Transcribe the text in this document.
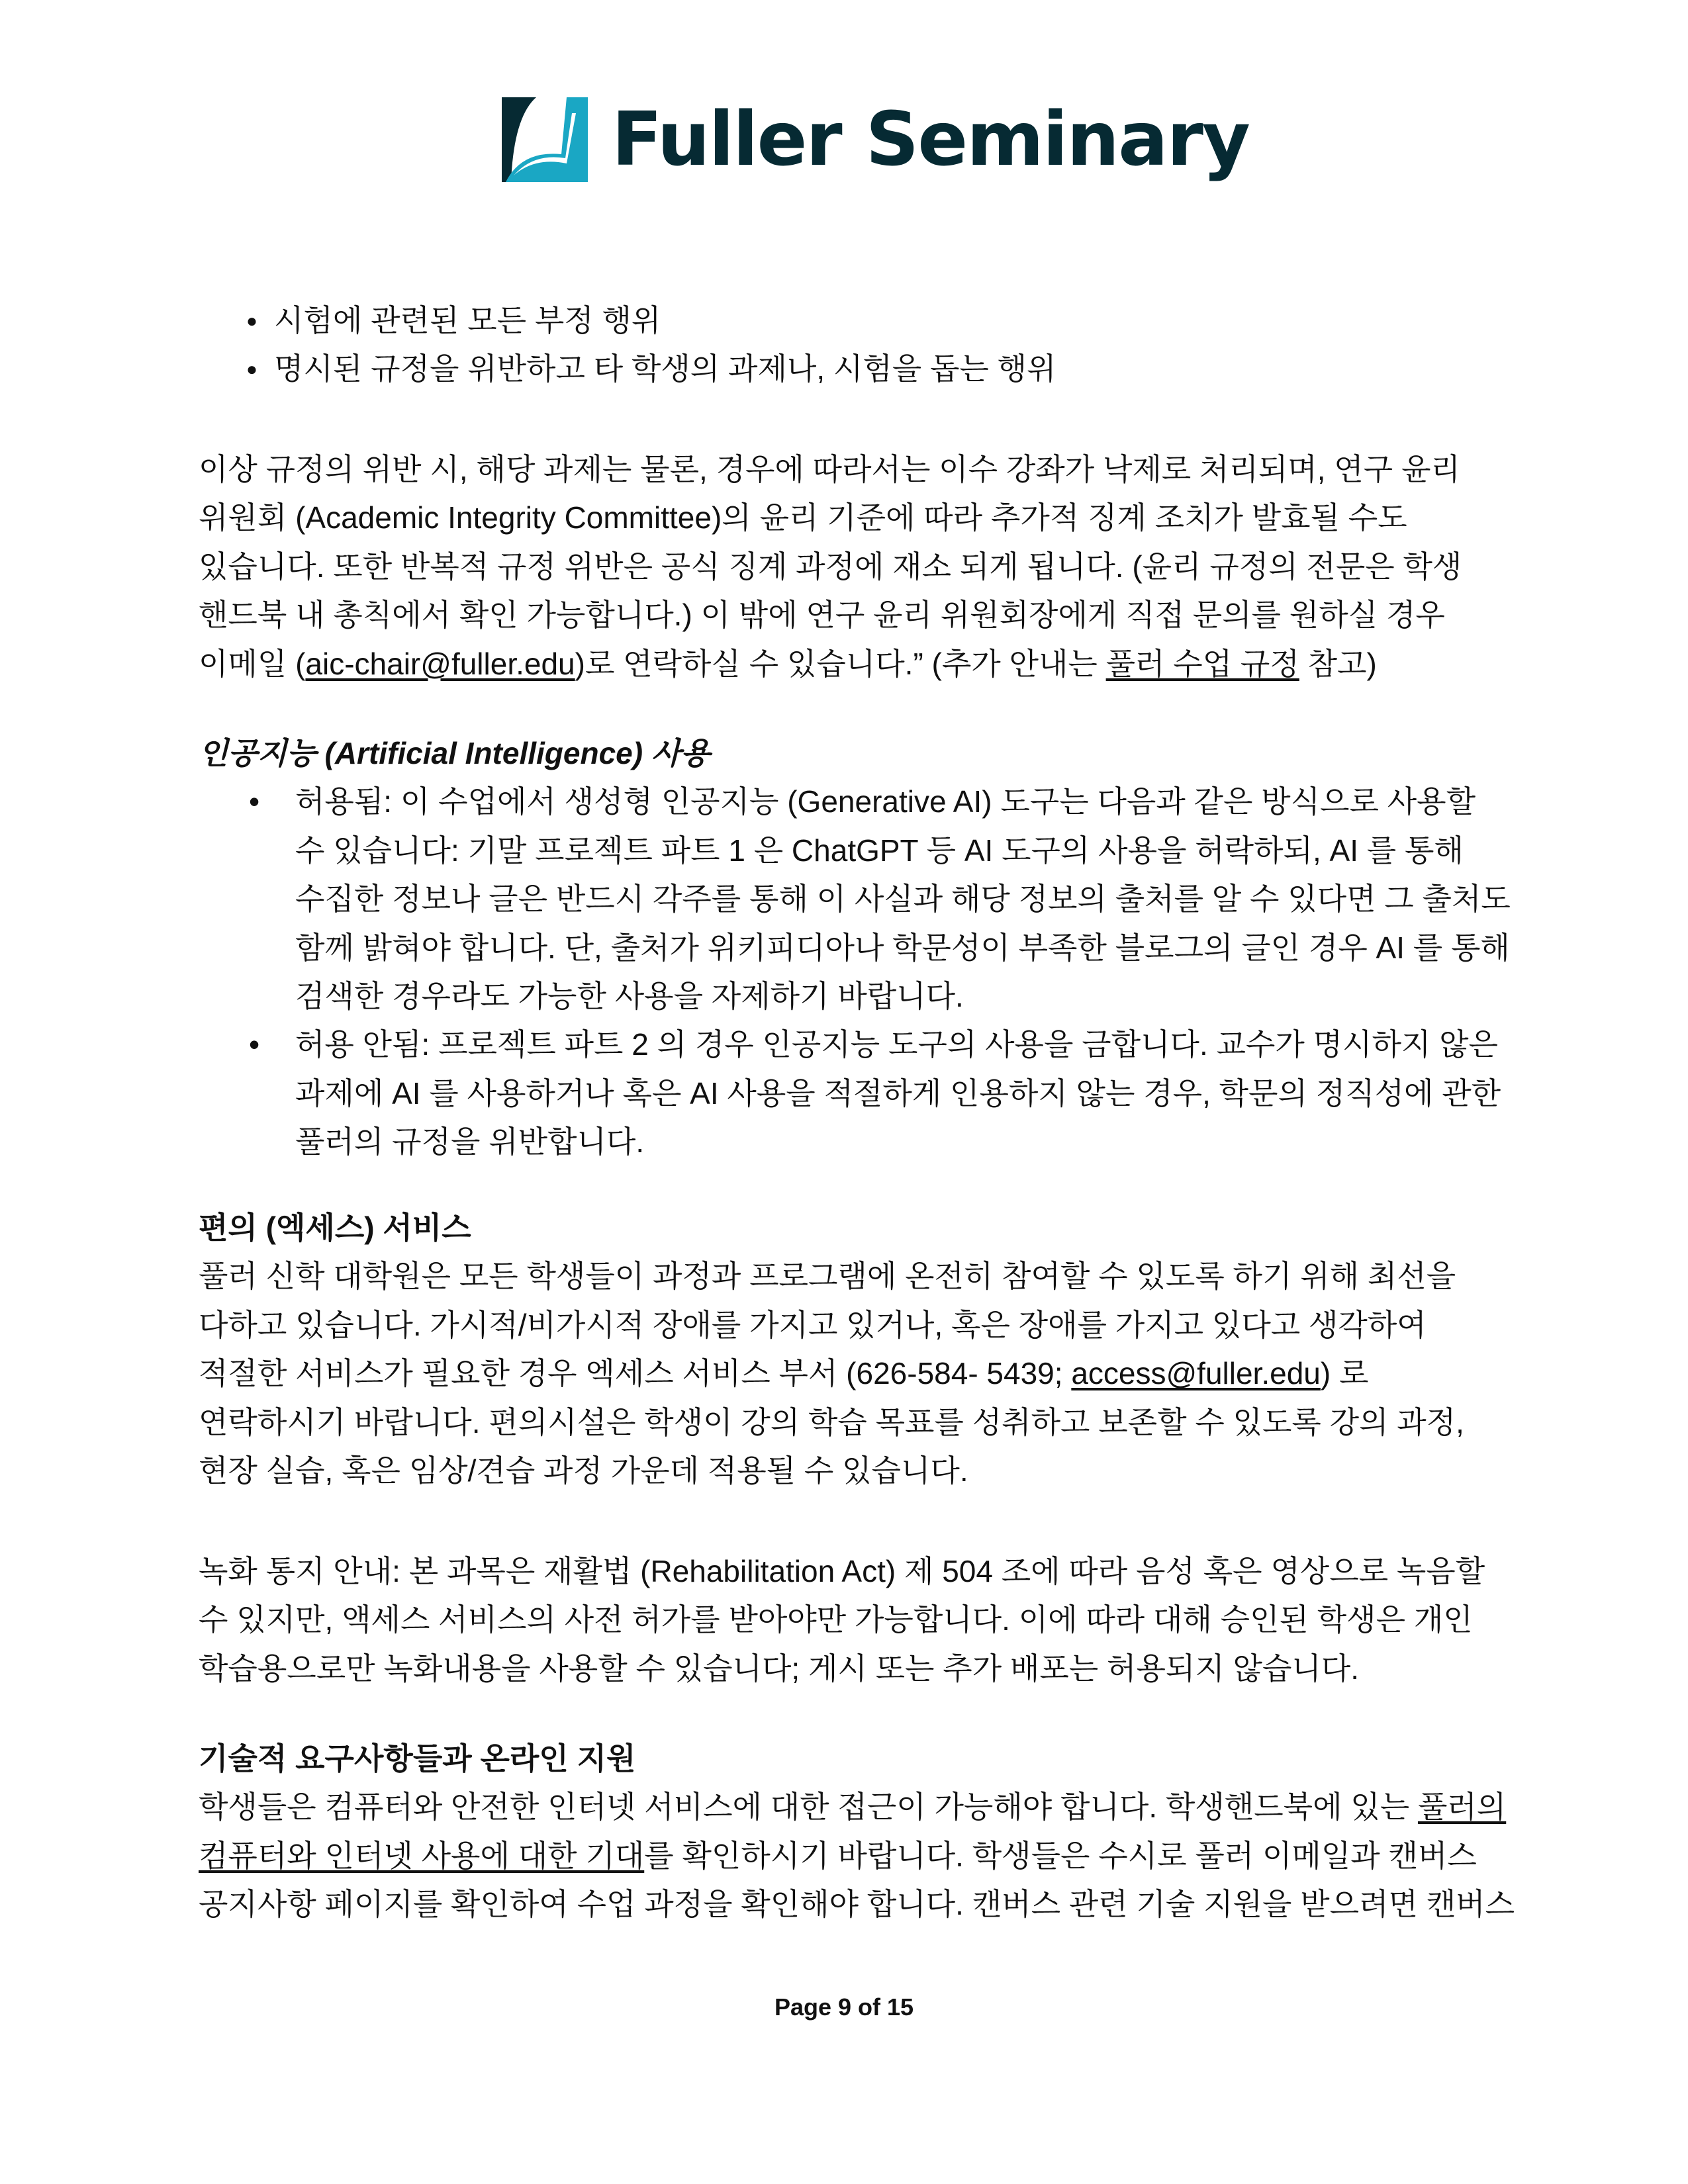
Fuller Seminary
● 시험에 관련된 모든 부정 행위
● 명시된 규정을 위반하고 타 학생의 과제나, 시험을 돕는 행위
이상 규정의 위반 시, 해당 과제는 물론, 경우에 따라서는 이수 강좌가 낙제로 처리되며, 연구 윤리
위원회 (Academic Integrity Committee)의 윤리 기준에 따라 추가적 징계 조치가 발효될 수도
있습니다. 또한 반복적 규정 위반은 공식 징계 과정에 재소 되게 됩니다. (윤리 규정의 전문은 학생
핸드북 내 총칙에서 확인 가능합니다.) 이 밖에 연구 윤리 위원회장에게 직접 문의를 원하실 경우
이메일 (aic-chair@fuller.edu)로 연락하실 수 있습니다.” (추가 안내는 풀러 수업 규정 참고)
인공지능 (Artificial Intelligence) 사용
• 허용됨: 이 수업에서 생성형 인공지능 (Generative AI) 도구는 다음과 같은 방식으로 사용할
수 있습니다: 기말 프로젝트 파트 1 은 ChatGPT 등 AI 도구의 사용을 허락하되, AI 를 통해
수집한 정보나 글은 반드시 각주를 통해 이 사실과 해당 정보의 출처를 알 수 있다면 그 출처도
함께 밝혀야 합니다. 단, 출처가 위키피디아나 학문성이 부족한 블로그의 글인 경우 AI 를 통해
검색한 경우라도 가능한 사용을 자제하기 바랍니다.
• 허용 안됨: 프로젝트 파트 2 의 경우 인공지능 도구의 사용을 금합니다. 교수가 명시하지 않은
과제에 AI 를 사용하거나 혹은 AI 사용을 적절하게 인용하지 않는 경우, 학문의 정직성에 관한
풀러의 규정을 위반합니다.
편의 (엑세스) 서비스
풀러 신학 대학원은 모든 학생들이 과정과 프로그램에 온전히 참여할 수 있도록 하기 위해 최선을
다하고 있습니다. 가시적/비가시적 장애를 가지고 있거나, 혹은 장애를 가지고 있다고 생각하여
적절한 서비스가 필요한 경우 엑세스 서비스 부서 (626-584- 5439; access@fuller.edu) 로
연락하시기 바랍니다. 편의시설은 학생이 강의 학습 목표를 성취하고 보존할 수 있도록 강의 과정,
현장 실습, 혹은 임상/견습 과정 가운데 적용될 수 있습니다.
녹화 통지 안내: 본 과목은 재활법 (Rehabilitation Act) 제 504 조에 따라 음성 혹은 영상으로 녹음할
수 있지만, 액세스 서비스의 사전 허가를 받아야만 가능합니다. 이에 따라 대해 승인된 학생은 개인
학습용으로만 녹화내용을 사용할 수 있습니다; 게시 또는 추가 배포는 허용되지 않습니다.
기술적 요구사항들과 온라인 지원
학생들은 컴퓨터와 안전한 인터넷 서비스에 대한 접근이 가능해야 합니다. 학생핸드북에 있는 풀러의
컴퓨터와 인터넷 사용에 대한 기대를 확인하시기 바랍니다. 학생들은 수시로 풀러 이메일과 캔버스
공지사항 페이지를 확인하여 수업 과정을 확인해야 합니다. 캔버스 관련 기술 지원을 받으려면 캔버스
Page 9 of 15
